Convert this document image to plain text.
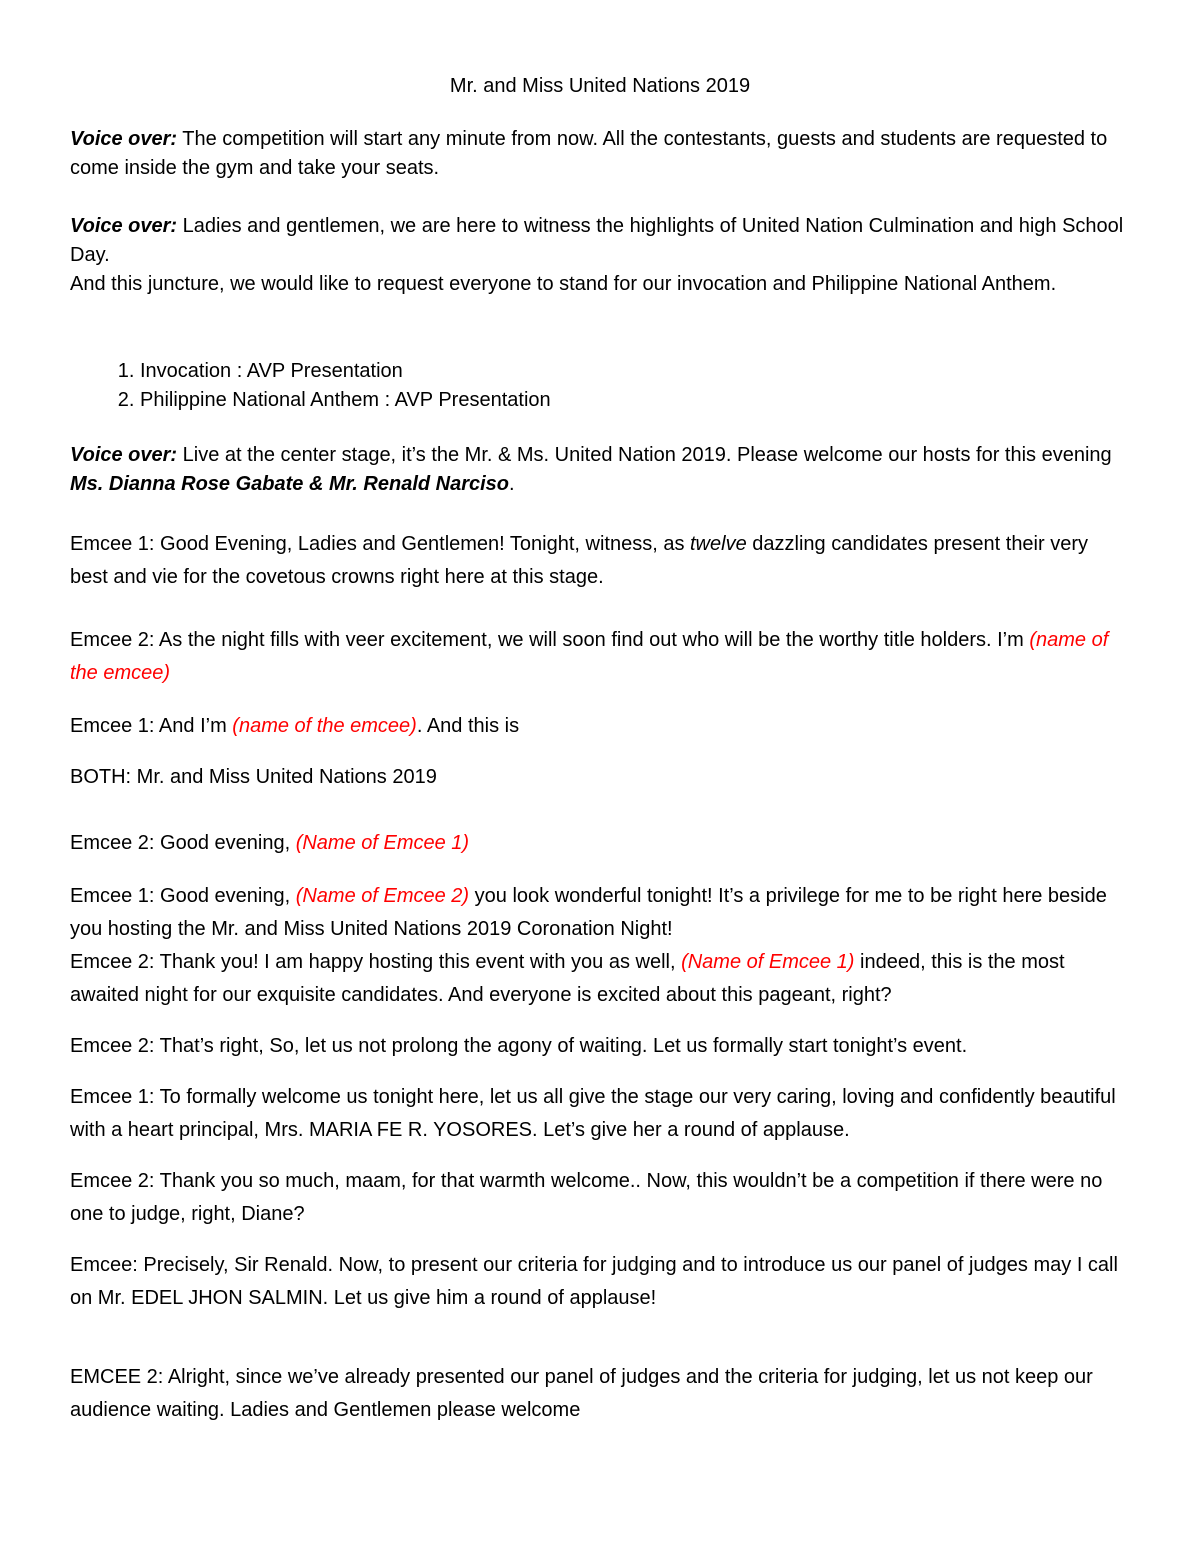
Mr. and Miss United Nations 2019

Voice over: The competition will start any minute from now. All the contestants, guests and students are requested to come inside the gym and take your seats.

Voice over: Ladies and gentlemen, we are here to witness the highlights of United Nation Culmination and high School Day.

And this juncture, we would like to request everyone to stand for our invocation and Philippine National Anthem.

1. Invocation : AVP Presentation
2. Philippine National Anthem : AVP Presentation

Voice over: Live at the center stage, it’s the Mr. & Ms. United Nation 2019. Please welcome our hosts for this evening Ms. Dianna Rose Gabate & Mr. Renald Narciso.

Emcee 1: Good Evening, Ladies and Gentlemen! Tonight, witness, as twelve dazzling candidates present their very best and vie for the covetous crowns right here at this stage.

Emcee 2: As the night fills with veer excitement, we will soon find out who will be the worthy title holders. I’m (name of the emcee)

Emcee 1: And I’m (name of the emcee). And this is

BOTH: Mr. and Miss United Nations 2019

Emcee 2: Good evening, (Name of Emcee 1)

Emcee 1: Good evening, (Name of Emcee 2) you look wonderful tonight! It’s a privilege for me to be right here beside you hosting the Mr. and Miss United Nations 2019 Coronation Night!

Emcee 2: Thank you! I am happy hosting this event with you as well, (Name of Emcee 1) indeed, this is the most awaited night for our exquisite candidates. And everyone is excited about this pageant, right?

Emcee 2: That’s right, So, let us not prolong the agony of waiting. Let us formally start tonight’s event.

Emcee 1: To formally welcome us tonight here, let us all give the stage our very caring, loving and confidently beautiful with a heart principal, Mrs. MARIA FE R. YOSORES. Let’s give her a round of applause.

Emcee 2: Thank you so much, maam, for that warmth welcome.. Now, this wouldn’t be a competition if there were no one to judge, right, Diane?

Emcee: Precisely, Sir Renald. Now, to present our criteria for judging and to introduce us our panel of judges may I call on Mr. EDEL JHON SALMIN. Let us give him a round of applause!

EMCEE 2: Alright, since we’ve already presented our panel of judges and the criteria for judging, let us not keep our audience waiting. Ladies and Gentlemen please welcome
